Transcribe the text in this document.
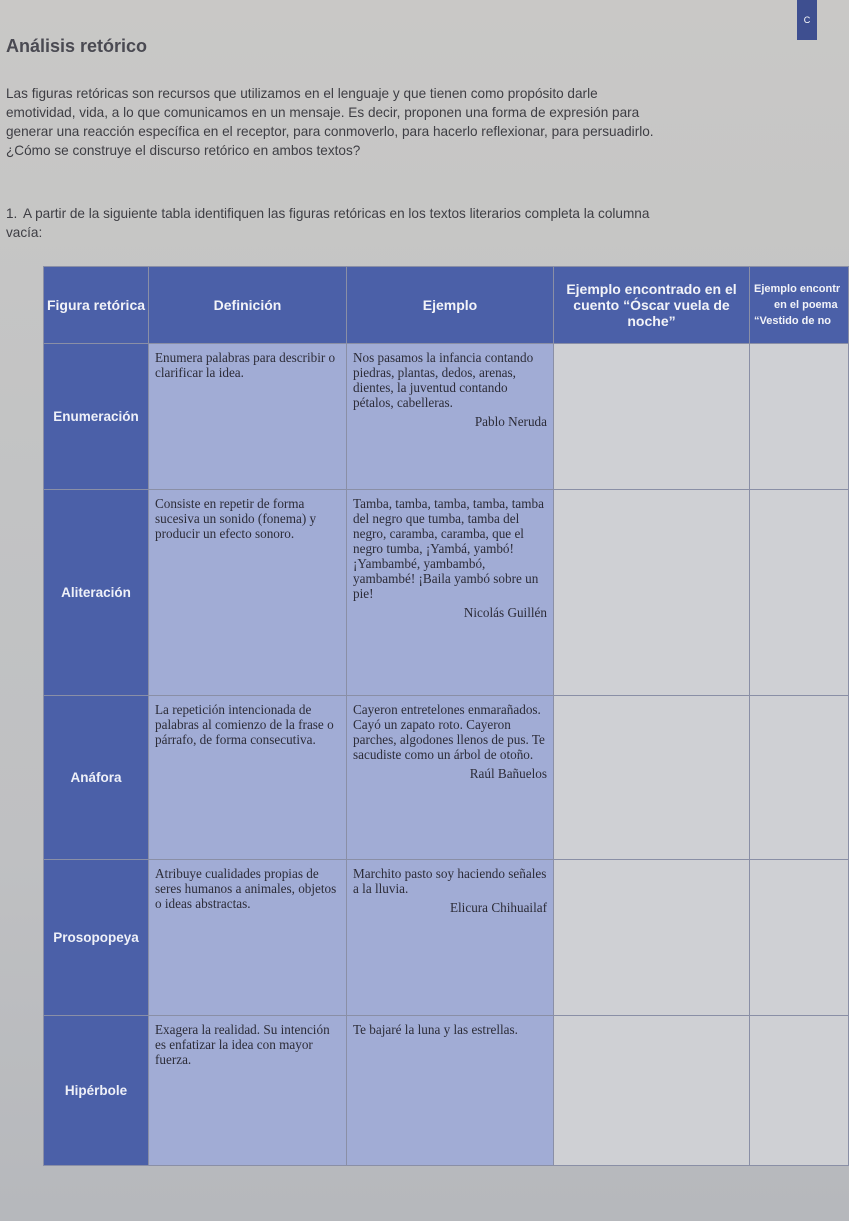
C
Análisis retórico
Las figuras retóricas son recursos que utilizamos en el lenguaje y que tienen como propósito darle emotividad, vida, a lo que comunicamos en un mensaje. Es decir, proponen una forma de expresión para generar una reacción específica en el receptor, para conmoverlo, para hacerlo reflexionar, para persuadirlo. ¿Cómo se construye el discurso retórico en ambos textos?
1. A partir de la siguiente tabla identifiquen las figuras retóricas en los textos literarios completa la columna vacía:
Figura retórica	Definición	Ejemplo	Ejemplo encontrado en el cuento “Óscar vuela de noche”	Ejemplo encontr
en el poema
“Vestido de no

Enumeración	Enumera palabras para describir o clarificar la idea.	Nos pasamos la infancia contando piedras, plantas, dedos, arenas, dientes, la juventud contando pétalos, cabelleras.
Pablo Neruda		

Aliteración	Consiste en repetir de forma sucesiva un sonido (fonema) y producir un efecto sonoro.	Tamba, tamba, tamba, tamba, tamba del negro que tumba, tamba del negro, caramba, caramba, que el negro tumba, ¡Yambá, yambó! ¡Yambambé, yambambó, yambambé! ¡Baila yambó sobre un pie!
Nicolás Guillén		

Anáfora	La repetición intencionada de palabras al comienzo de la frase o párrafo, de forma consecutiva.	Cayeron entretelones enmarañados. Cayó un zapato roto. Cayeron parches, algodones llenos de pus. Te sacudiste como un árbol de otoño.
Raúl Bañuelos		

Prosopopeya	Atribuye cualidades propias de seres humanos a animales, objetos o ideas abstractas.	Marchito pasto soy haciendo señales a la lluvia.
Elicura Chihuailaf		

Hipérbole	Exagera la realidad. Su intención es enfatizar la idea con mayor fuerza.	Te bajaré la luna y las estrellas.		
